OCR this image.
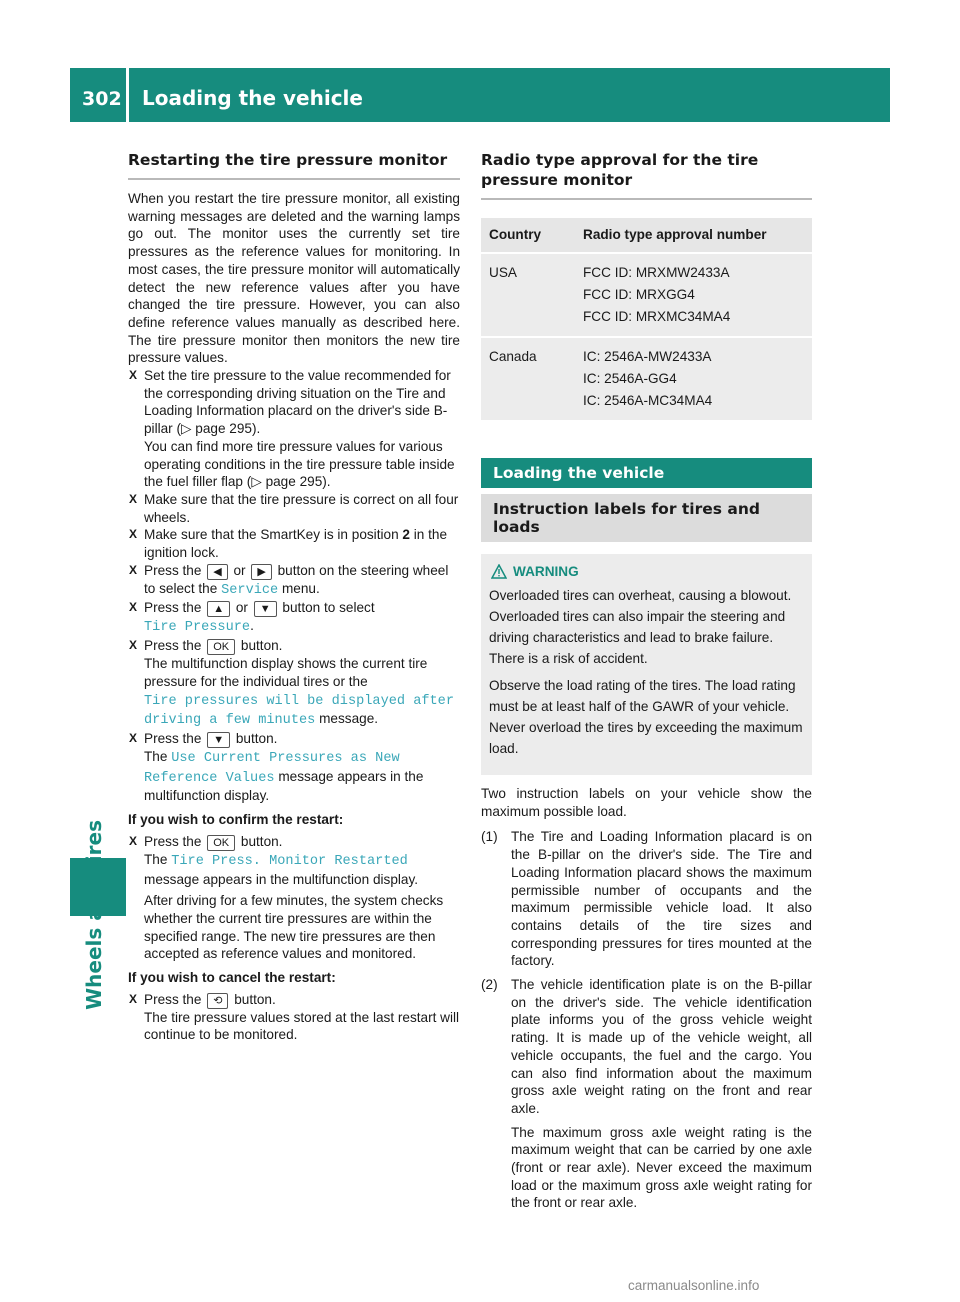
302 Loading the vehicle
Restarting the tire pressure monitor

When you restart the tire pressure monitor, all existing warning messages are deleted and the warning lamps go out. The monitor uses the currently set tire pressures as the reference values for monitoring. In most cases, the tire pressure monitor will automatically detect the new reference values after you have changed the tire pressure. However, you can also define reference values manually as described here. The tire pressure monitor then monitors the new tire pressure values.

X Set the tire pressure to the value recommended for the corresponding driving situation on the Tire and Loading Information placard on the driver's side B-pillar (▷ page 295).

You can find more tire pressure values for various operating conditions in the tire pressure table inside the fuel filler flap (▷ page 295).

X Make sure that the tire pressure is correct on all four wheels.
X Make sure that the SmartKey is in position 2 in the ignition lock.
X Press the ◀ or ▶ button on the steering wheel to select the Service menu.
X Press the ▲ or ▼ button to select
Tire Pressure.
X Press the OK button.
The multifunction display shows the current tire pressure for the individual tires or the
Tire pressures will be displayed after driving a few minutes message.
X Press the ▼ button.
The Use Current Pressures as New Reference Values message appears in the multifunction display.

If you wish to confirm the restart:

X Press the OK button.
The Tire Press. Monitor Restarted message appears in the multifunction display.

After driving for a few minutes, the system checks whether the current tire pressures are within the specified range. The new tire pressures are then accepted as reference values and monitored.

If you wish to cancel the restart:

X Press the ⟲ button.
The tire pressure values stored at the last restart will continue to be monitored.
Radio type approval for the tire pressure monitor
Country	Radio type approval number
USA	FCC ID: MRXMW2433A
FCC ID: MRXGG4
FCC ID: MRXMC34MA4

Canada	IC: 2546A-MW2433A
IC: 2546A-GG4
IC: 2546A-MC34MA4
Loading the vehicle
Instruction labels for tires and loads
WARNING

Overloaded tires can overheat, causing a blowout. Overloaded tires can also impair the steering and driving characteristics and lead to brake failure. There is a risk of accident.

Observe the load rating of the tires. The load rating must be at least half of the GAWR of your vehicle. Never overload the tires by exceeding the maximum load.

Two instruction labels on your vehicle show the maximum possible load.

(1) The Tire and Loading Information placard is on the B-pillar on the driver's side. The Tire and Loading Information placard shows the maximum permissible number of occupants and the maximum permissible vehicle load. It also contains details of the tire sizes and corresponding pressures for tires mounted at the factory.
(2) The vehicle identification plate is on the B-pillar on the driver's side. The vehicle identification plate informs you of the gross vehicle weight rating. It is made up of the vehicle weight, all vehicle occupants, the fuel and the cargo. You can also find information about the maximum gross axle weight rating on the front and rear axle.
The maximum gross axle weight rating is the maximum weight that can be carried by one axle (front or rear axle). Never exceed the maximum load or the maximum gross axle weight rating for the front or rear axle.
carmanualsonline.info
